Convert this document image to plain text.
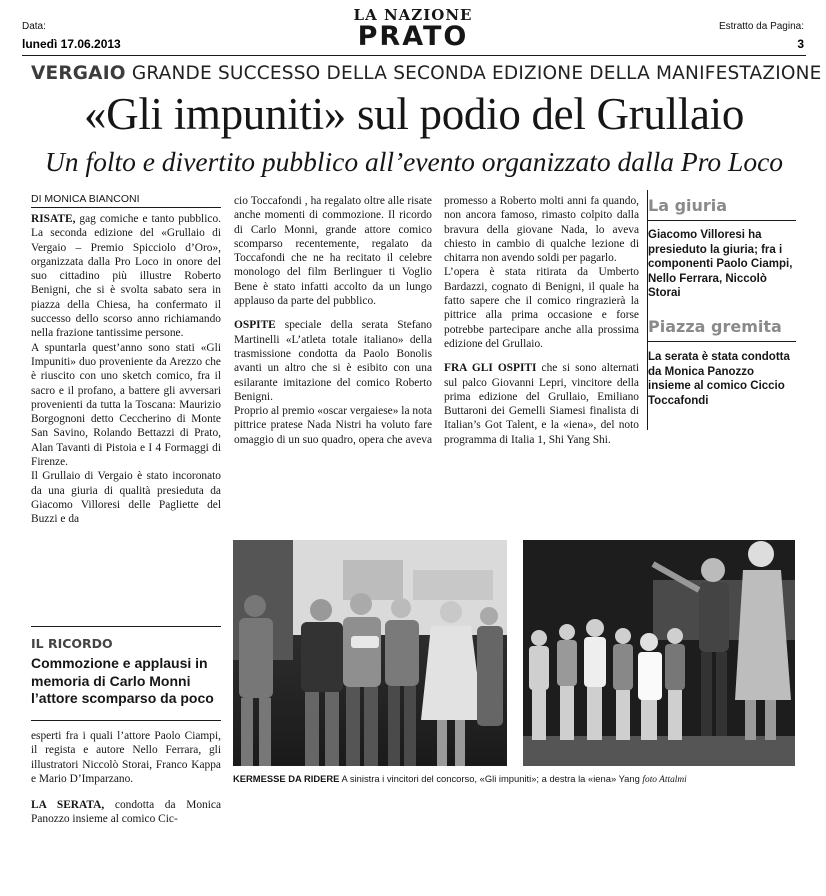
Data:
lunedì 17.06.2013
LA NAZIONE
PRATO	Estratto da Pagina:
3
VERGAIO GRANDE SUCCESSO DELLA SECONDA EDIZIONE DELLA MANIFESTAZIONE
«Gli impuniti» sul podio del Grullaio
Un folto e divertito pubblico all’evento organizzato dalla Pro Loco
DI MONICA BIANCONI

RISATE, gag comiche e tanto pubblico. La seconda edizione del «Grullaio di Vergaio – Premio Spicciolo d’Oro», organizzata dalla Pro Loco in onore del suo cittadino più illustre Roberto Benigni, che si è svolta sabato sera in piazza della Chiesa, ha confermato il successo dello scorso anno richiamando nella frazione tantissime persone.

A spuntarla quest’anno sono stati «Gli Impuniti» duo proveniente da Arezzo che è riuscito con uno sketch comico, fra il sacro e il profano, a battere gli avversari provenienti da tutta la Toscana: Maurizio Borgognoni detto Ceccherino di Monte San Savino, Rolando Bettazzi di Prato, Alan Tavanti di Pistoia e I 4 Formaggi di Firenze.

Il Grullaio di Vergaio è stato incoronato da una giuria di qualità presieduta da Giacomo Villoresi delle Pagliette del Buzzi e da

IL RICORDO
Commozione e applausi in memoria di Carlo Monni l’attore scomparso da poco

esperti fra i quali l’attore Paolo Ciampi, il regista e autore Nello Ferrara, gli illustratori Niccolò Storai, Franco Kappa e Mario D’Imparzano.

LA SERATA, condotta da Monica Panozzo insieme al comico Cic-

cio Toccafondi , ha regalato oltre alle risate anche momenti di commozione. Il ricordo di Carlo Monni, grande attore comico scomparso recentemente, regalato da Toccafondi che ne ha recitato il celebre monologo del film Berlinguer ti Voglio Bene è stato infatti accolto da un lungo applauso da parte del pubblico.

OSPITE speciale della serata Stefano Martinelli «L’atleta totale italiano» della trasmissione condotta da Paolo Bonolis avanti un altro che si è esibito con una esilarante imitazione del comico Roberto Benigni.

Proprio al premio «oscar vergaiese» la nota pittrice pratese Nada Nistri ha voluto fare omaggio di un suo quadro, opera che aveva

promesso a Roberto molti anni fa quando, non ancora famoso, rimasto colpito dalla bravura della giovane Nada, lo aveva chiesto in cambio di qualche lezione di chitarra non avendo soldi per pagarlo.

L’opera è stata ritirata da Umberto Bardazzi, cognato di Benigni, il quale ha fatto sapere che il comico ringrazierà la pittrice alla prima occasione e forse potrebbe partecipare anche alla prossima edizione del Grullaio.

FRA GLI OSPITI che si sono alternati sul palco Giovanni Lepri, vincitore della prima edizione del Grullaio, Emiliano Buttaroni dei Gemelli Siamesi finalista di Italian’s Got Talent, e la «iena», del noto programma di Italia 1, Shi Yang Shi.

La giuria
Giacomo Villoresi ha presieduto la giuria; fra i componenti Paolo Ciampi, Nello Ferrara, Niccolò Storai
Piazza gremita
La serata è stata condotta da Monica Panozzo insieme al comico Ciccio Toccafondi
KERMESSE DA RIDERE A sinistra i vincitori del concorso, «Gli impuniti»; a destra la «iena» Yang foto Attalmi
